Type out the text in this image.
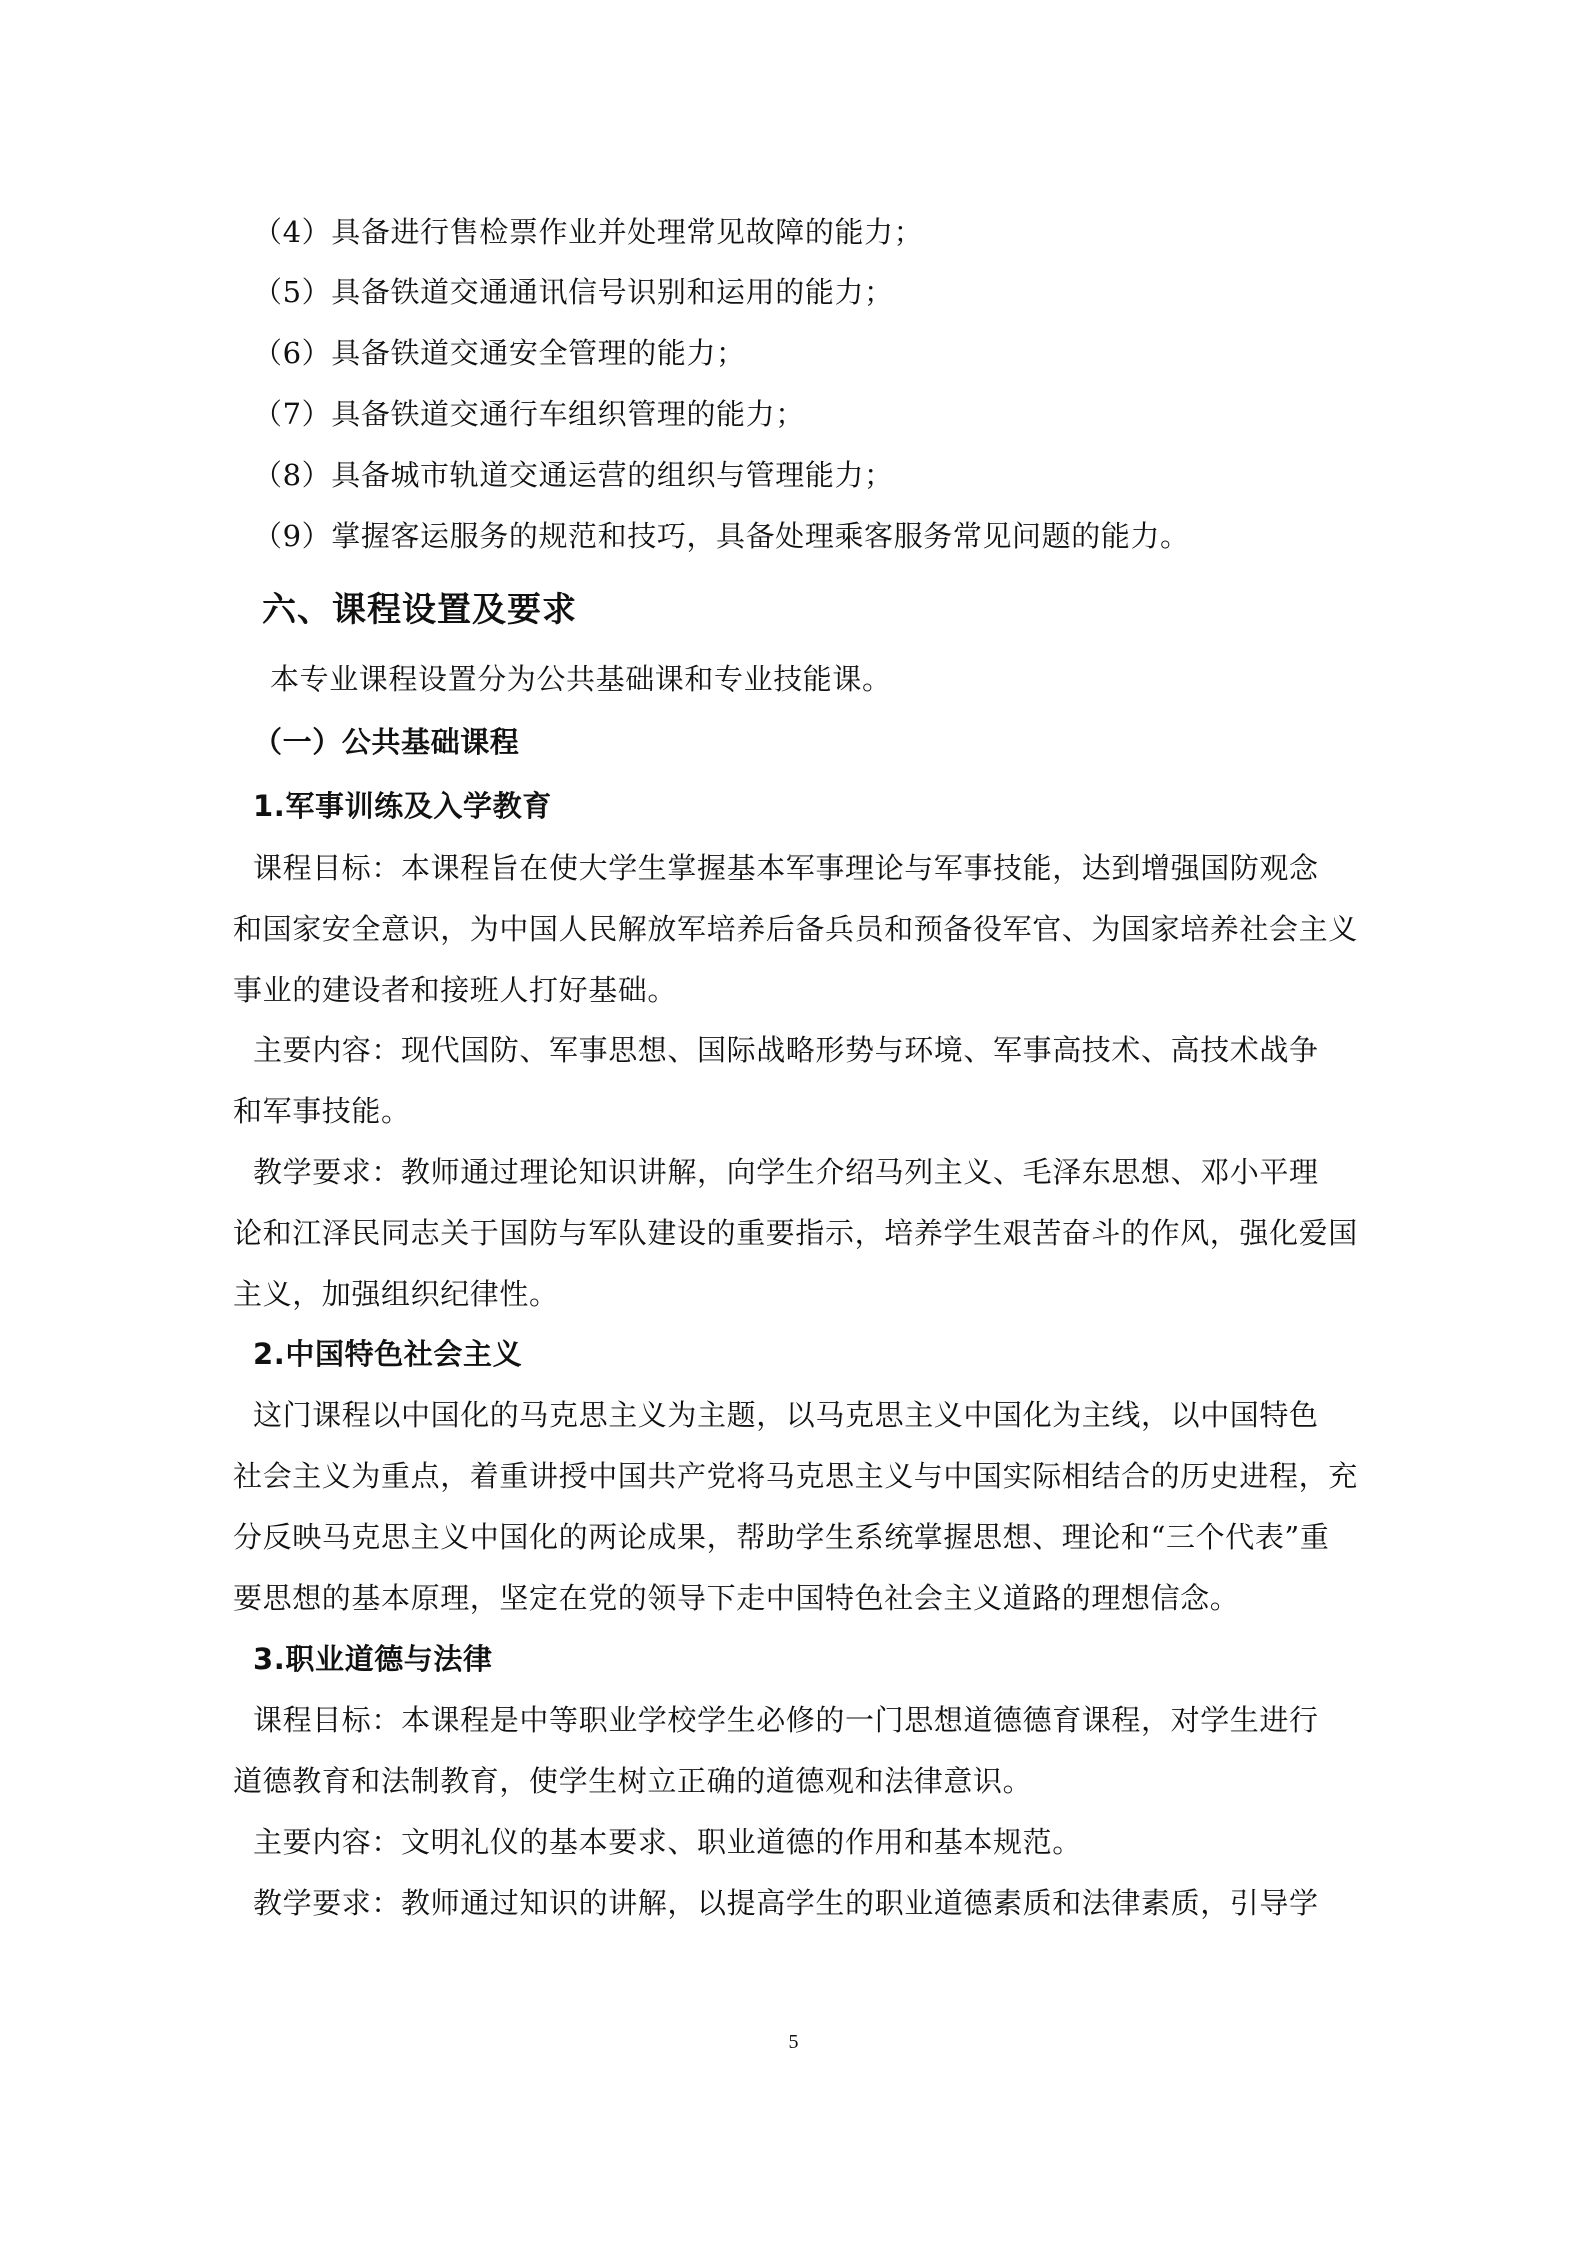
（4）具备进行售检票作业并处理常见故障的能力；

（5）具备铁道交通通讯信号识别和运用的能力；

（6）具备铁道交通安全管理的能力；

（7）具备铁道交通行车组织管理的能力；

（8）具备城市轨道交通运营的组织与管理能力；

（9）掌握客运服务的规范和技巧，具备处理乘客服务常见问题的能力。

六、课程设置及要求

本专业课程设置分为公共基础课和专业技能课。

（一）公共基础课程
1.军事训练及入学教育

课程目标：本课程旨在使大学生掌握基本军事理论与军事技能，达到增强国防观念

和国家安全意识，为中国人民解放军培养后备兵员和预备役军官、为国家培养社会主义

事业的建设者和接班人打好基础。

主要内容：现代国防、军事思想、国际战略形势与环境、军事高技术、高技术战争

和军事技能。

教学要求：教师通过理论知识讲解，向学生介绍马列主义、毛泽东思想、邓小平理

论和江泽民同志关于国防与军队建设的重要指示，培养学生艰苦奋斗的作风，强化爱国

主义，加强组织纪律性。

2.中国特色社会主义

这门课程以中国化的马克思主义为主题，以马克思主义中国化为主线，以中国特色

社会主义为重点，着重讲授中国共产党将马克思主义与中国实际相结合的历史进程，充

分反映马克思主义中国化的两论成果，帮助学生系统掌握思想、理论和“三个代表”重

要思想的基本原理，坚定在党的领导下走中国特色社会主义道路的理想信念。

3.职业道德与法律

课程目标：本课程是中等职业学校学生必修的一门思想道德德育课程，对学生进行

道德教育和法制教育，使学生树立正确的道德观和法律意识。

主要内容：文明礼仪的基本要求、职业道德的作用和基本规范。

教学要求：教师通过知识的讲解，以提高学生的职业道德素质和法律素质，引导学

5
